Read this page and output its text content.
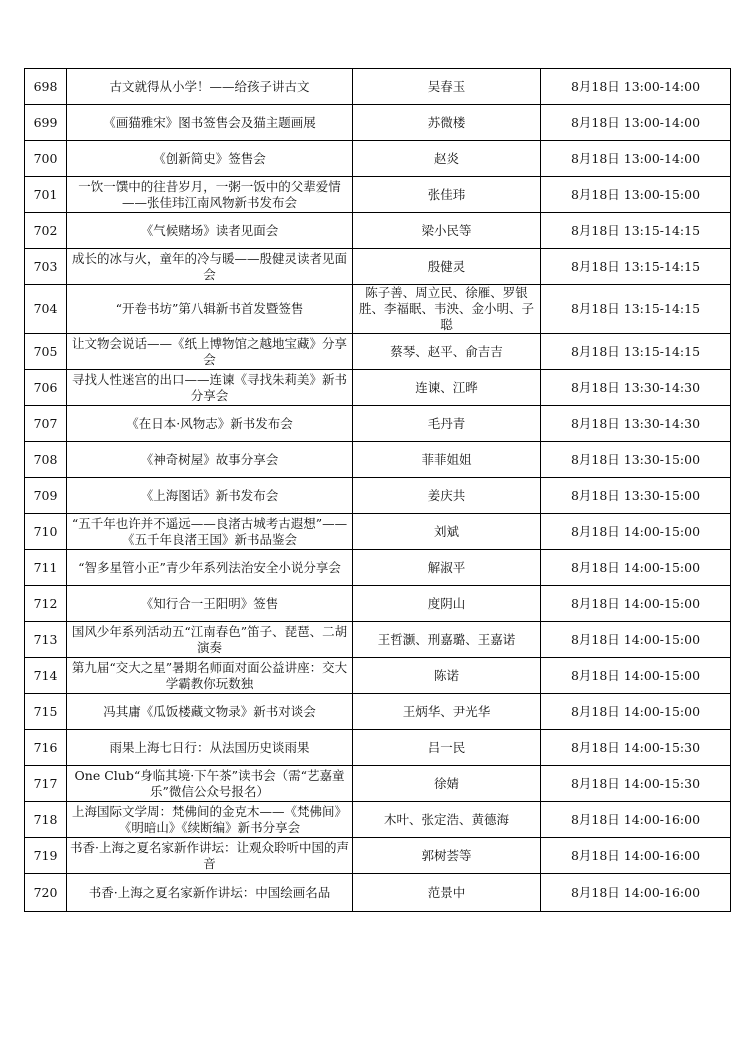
698	古文就得从小学！——给孩子讲古文	吴春玉	8月18日 13:00-14:00
699	《画猫雅宋》图书签售会及猫主题画展	苏微楼	8月18日 13:00-14:00
700	《创新简史》签售会	赵炎	8月18日 13:00-14:00
701	一饮一馔中的往昔岁月，一粥一饭中的父辈爱情——张佳玮江南风物新书发布会	张佳玮	8月18日 13:00-15:00
702	《气候赌场》读者见面会	梁小民等	8月18日 13:15-14:15
703	成长的冰与火，童年的冷与暖——殷健灵读者见面会	殷健灵	8月18日 13:15-14:15
704	“开卷书坊”第八辑新书首发暨签售	陈子善、周立民、徐雁、罗银胜、李福眠、韦泱、金小明、子聪	8月18日 13:15-14:15
705	让文物会说话——《纸上博物馆之越地宝藏》分享会	蔡琴、赵平、俞吉吉	8月18日 13:15-14:15
706	寻找人性迷宫的出口——连谏《寻找朱莉美》新书分享会	连谏、江晔	8月18日 13:30-14:30
707	《在日本·风物志》新书发布会	毛丹青	8月18日 13:30-14:30
708	《神奇树屋》故事分享会	菲菲姐姐	8月18日 13:30-15:00
709	《上海图话》新书发布会	姜庆共	8月18日 13:30-15:00
710	“五千年也许并不遥远——良渚古城考古遐想”——《五千年良渚王国》新书品鉴会	刘斌	8月18日 14:00-15:00
711	“智多星管小正”青少年系列法治安全小说分享会	解淑平	8月18日 14:00-15:00
712	《知行合一王阳明》签售	度阴山	8月18日 14:00-15:00
713	国风少年系列活动五“江南春色”笛子、琵琶、二胡演奏	王哲灏、刑嘉璐、王嘉诺	8月18日 14:00-15:00
714	第九届“交大之星”暑期名师面对面公益讲座：交大学霸教你玩数独	陈诺	8月18日 14:00-15:00
715	冯其庸《瓜饭楼藏文物录》新书对谈会	王炳华、尹光华	8月18日 14:00-15:00
716	雨果上海七日行：从法国历史谈雨果	吕一民	8月18日 14:00-15:30
717	One Club“身临其境·下午茶”读书会（需“艺嘉童乐”微信公众号报名）	徐婧	8月18日 14:00-15:30
718	上海国际文学周：梵佛间的金克木——《梵佛间》《明暗山》《续断编》新书分享会	木叶、张定浩、黄德海	8月18日 14:00-16:00
719	书香·上海之夏名家新作讲坛：让观众聆听中国的声音	郭树荟等	8月18日 14:00-16:00
720	书香·上海之夏名家新作讲坛：中国绘画名品	范景中	8月18日 14:00-16:00
